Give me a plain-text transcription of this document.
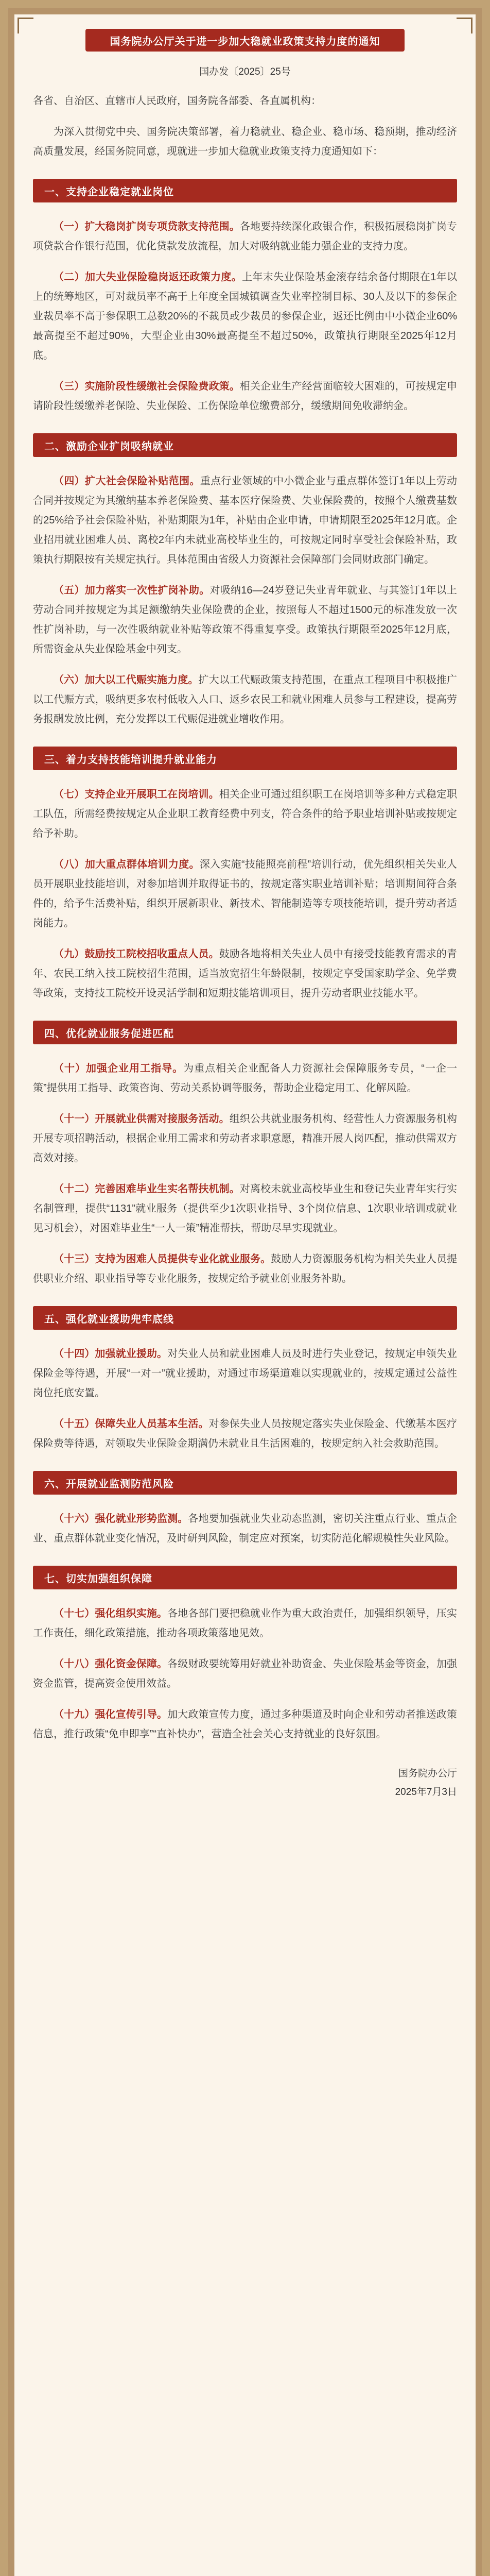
国务院办公厅关于进一步加大稳就业政策支持力度的通知
国办发〔2025〕25号

各省、自治区、直辖市人民政府，国务院各部委、各直属机构：

为深入贯彻党中央、国务院决策部署，着力稳就业、稳企业、稳市场、稳预期，推动经济高质量发展，经国务院同意，现就进一步加大稳就业政策支持力度通知如下：

一、支持企业稳定就业岗位

（一）扩大稳岗扩岗专项贷款支持范围。各地要持续深化政银合作，积极拓展稳岗扩岗专项贷款合作银行范围，优化贷款发放流程，加大对吸纳就业能力强企业的支持力度。

（二）加大失业保险稳岗返还政策力度。上年末失业保险基金滚存结余备付期限在1年以上的统筹地区，可对裁员率不高于上年度全国城镇调查失业率控制目标、30人及以下的参保企业裁员率不高于参保职工总数20%的不裁员或少裁员的参保企业，返还比例由中小微企业60%最高提至不超过90%，大型企业由30%最高提至不超过50%，政策执行期限至2025年12月底。

（三）实施阶段性缓缴社会保险费政策。相关企业生产经营面临较大困难的，可按规定申请阶段性缓缴养老保险、失业保险、工伤保险单位缴费部分，缓缴期间免收滞纳金。

二、激励企业扩岗吸纳就业

（四）扩大社会保险补贴范围。重点行业领域的中小微企业与重点群体签订1年以上劳动合同并按规定为其缴纳基本养老保险费、基本医疗保险费、失业保险费的，按照个人缴费基数的25%给予社会保险补贴，补贴期限为1年，补贴由企业申请，申请期限至2025年12月底。企业招用就业困难人员、离校2年内未就业高校毕业生的，可按规定同时享受社会保险补贴，政策执行期限按有关规定执行。具体范围由省级人力资源社会保障部门会同财政部门确定。

（五）加力落实一次性扩岗补助。对吸纳16—24岁登记失业青年就业、与其签订1年以上劳动合同并按规定为其足额缴纳失业保险费的企业，按照每人不超过1500元的标准发放一次性扩岗补助，与一次性吸纳就业补贴等政策不得重复享受。政策执行期限至2025年12月底，所需资金从失业保险基金中列支。

（六）加大以工代赈实施力度。扩大以工代赈政策支持范围，在重点工程项目中积极推广以工代赈方式，吸纳更多农村低收入人口、返乡农民工和就业困难人员参与工程建设，提高劳务报酬发放比例，充分发挥以工代赈促进就业增收作用。

三、着力支持技能培训提升就业能力

（七）支持企业开展职工在岗培训。相关企业可通过组织职工在岗培训等多种方式稳定职工队伍，所需经费按规定从企业职工教育经费中列支，符合条件的给予职业培训补贴或按规定给予补助。

（八）加大重点群体培训力度。深入实施“技能照亮前程”培训行动，优先组织相关失业人员开展职业技能培训，对参加培训并取得证书的，按规定落实职业培训补贴；培训期间符合条件的，给予生活费补贴，组织开展新职业、新技术、智能制造等专项技能培训，提升劳动者适岗能力。

（九）鼓励技工院校招收重点人员。鼓励各地将相关失业人员中有接受技能教育需求的青年、农民工纳入技工院校招生范围，适当放宽招生年龄限制，按规定享受国家助学金、免学费等政策，支持技工院校开设灵活学制和短期技能培训项目，提升劳动者职业技能水平。

四、优化就业服务促进匹配

（十）加强企业用工指导。为重点相关企业配备人力资源社会保障服务专员，“一企一策”提供用工指导、政策咨询、劳动关系协调等服务，帮助企业稳定用工、化解风险。

（十一）开展就业供需对接服务活动。组织公共就业服务机构、经营性人力资源服务机构开展专项招聘活动，根据企业用工需求和劳动者求职意愿，精准开展人岗匹配，推动供需双方高效对接。

（十二）完善困难毕业生实名帮扶机制。对离校未就业高校毕业生和登记失业青年实行实名制管理，提供“1131”就业服务（提供至少1次职业指导、3个岗位信息、1次职业培训或就业见习机会），对困难毕业生“一人一策”精准帮扶，帮助尽早实现就业。

（十三）支持为困难人员提供专业化就业服务。鼓励人力资源服务机构为相关失业人员提供职业介绍、职业指导等专业化服务，按规定给予就业创业服务补助。

五、强化就业援助兜牢底线

（十四）加强就业援助。对失业人员和就业困难人员及时进行失业登记，按规定申领失业保险金等待遇，开展“一对一”就业援助，对通过市场渠道难以实现就业的，按规定通过公益性岗位托底安置。

（十五）保障失业人员基本生活。对参保失业人员按规定落实失业保险金、代缴基本医疗保险费等待遇，对领取失业保险金期满仍未就业且生活困难的，按规定纳入社会救助范围。

六、开展就业监测防范风险

（十六）强化就业形势监测。各地要加强就业失业动态监测，密切关注重点行业、重点企业、重点群体就业变化情况，及时研判风险，制定应对预案，切实防范化解规模性失业风险。

七、切实加强组织保障

（十七）强化组织实施。各地各部门要把稳就业作为重大政治责任，加强组织领导，压实工作责任，细化政策措施，推动各项政策落地见效。

（十八）强化资金保障。各级财政要统筹用好就业补助资金、失业保险基金等资金，加强资金监管，提高资金使用效益。

（十九）强化宣传引导。加大政策宣传力度，通过多种渠道及时向企业和劳动者推送政策信息，推行政策“免申即享”“直补快办”，营造全社会关心支持就业的良好氛围。

国务院办公厅
2025年7月3日
